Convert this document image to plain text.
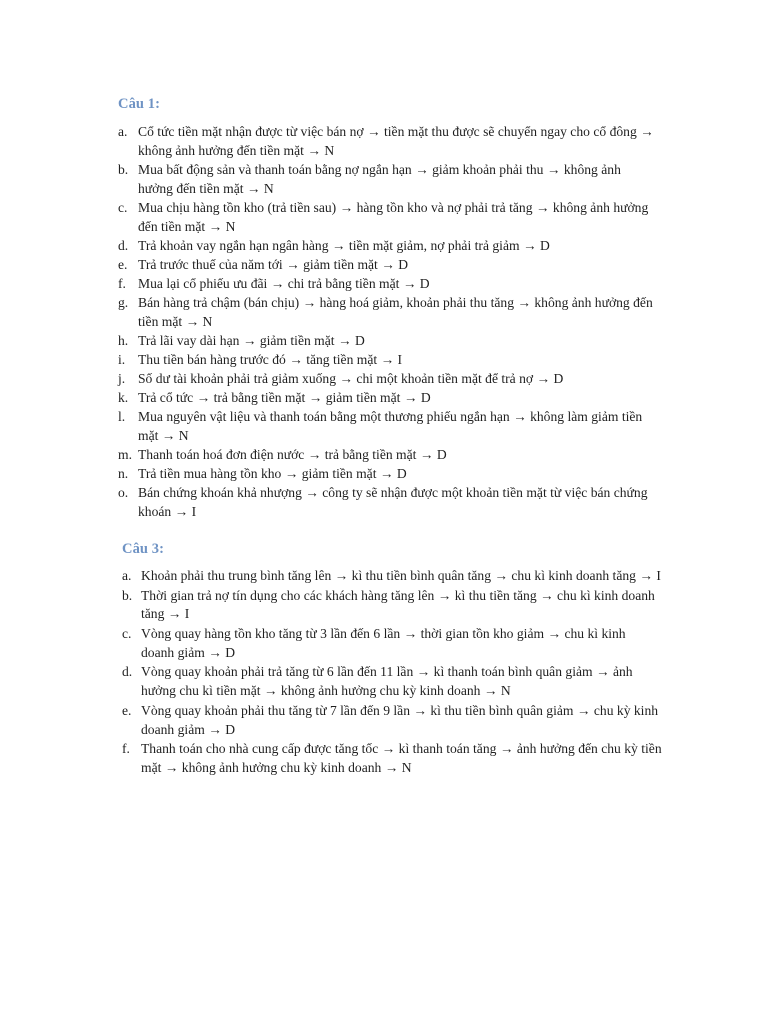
Câu 1:
a. Cổ tức tiền mặt nhận được từ việc bán nợ → tiền mặt thu được sẽ chuyển ngay cho cổ đông → không ảnh hưởng đến tiền mặt → N
b. Mua bất động sản và thanh toán bằng nợ ngắn hạn → giảm khoản phải thu → không ảnh hưởng đến tiền mặt → N
c. Mua chịu hàng tồn kho (trả tiền sau) → hàng tồn kho và nợ phải trả tăng → không ảnh hưởng đến tiền mặt → N
d. Trả khoản vay ngắn hạn ngân hàng → tiền mặt giảm, nợ phải trả giảm → D
e. Trả trước thuế của năm tới → giảm tiền mặt → D
f. Mua lại cổ phiếu ưu đãi → chi trả bằng tiền mặt → D
g. Bán hàng trả chậm (bán chịu) → hàng hoá giảm, khoản phải thu tăng → không ảnh hưởng đến tiền mặt → N
h. Trả lãi vay dài hạn → giảm tiền mặt → D
i. Thu tiền bán hàng trước đó → tăng tiền mặt → I
j. Số dư tài khoản phải trả giảm xuống → chi một khoản tiền mặt để trả nợ → D
k. Trả cổ tức → trả bằng tiền mặt → giảm tiền mặt → D
l. Mua nguyên vật liệu và thanh toán bằng một thương phiếu ngắn hạn → không làm giảm tiền mặt → N
m. Thanh toán hoá đơn điện nước → trả bằng tiền mặt → D
n. Trả tiền mua hàng tồn kho → giảm tiền mặt → D
o. Bán chứng khoán khả nhượng → công ty sẽ nhận được một khoản tiền mặt từ việc bán chứng khoán → I
Câu 3:
a. Khoản phải thu trung bình tăng lên → kì thu tiền bình quân tăng → chu kì kinh doanh tăng → I
b. Thời gian trả nợ tín dụng cho các khách hàng tăng lên → kì thu tiền tăng → chu kì kinh doanh tăng → I
c. Vòng quay hàng tồn kho tăng từ 3 lần đến 6 lần → thời gian tồn kho giảm → chu kì kinh doanh giảm → D
d. Vòng quay khoản phải trả tăng từ 6 lần đến 11 lần → kì thanh toán bình quân giảm → ảnh hưởng chu kì tiền mặt → không ảnh hưởng chu kỳ kinh doanh → N
e. Vòng quay khoản phải thu tăng từ 7 lần đến 9 lần → kì thu tiền bình quân giảm → chu kỳ kinh doanh giảm → D
f. Thanh toán cho nhà cung cấp được tăng tốc → kì thanh toán tăng → ảnh hưởng đến chu kỳ tiền mặt → không ảnh hưởng chu kỳ kinh doanh → N
